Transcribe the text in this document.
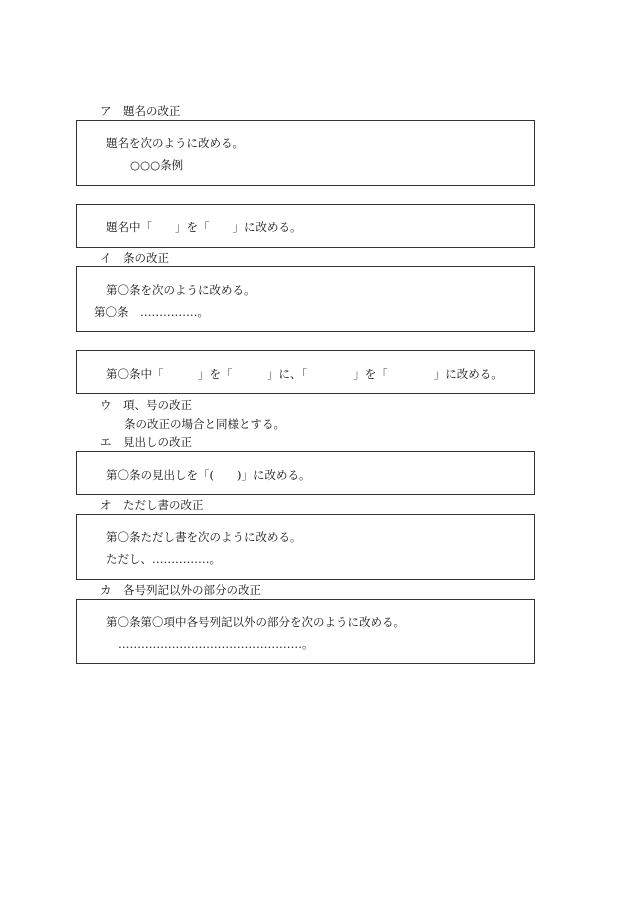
ア　題名の改正
題名を次のように改める。
○○○条例
題名中「　　」を「　　」に改める。
イ　条の改正
第〇条を次のように改める。
第〇条　……………。
第〇条中「　　　」を「　　　」に、「　　　　」を「　　　　」に改める。
ウ　項、号の改正
条の改正の場合と同様とする。
エ　見出しの改正
第〇条の見出しを「(　　)」に改める。
オ　ただし書の改正
第〇条ただし書を次のように改める。
ただし、……………。
カ　各号列記以外の部分の改正
第〇条第〇項中各号列記以外の部分を次のように改める。
…………………………………………。
